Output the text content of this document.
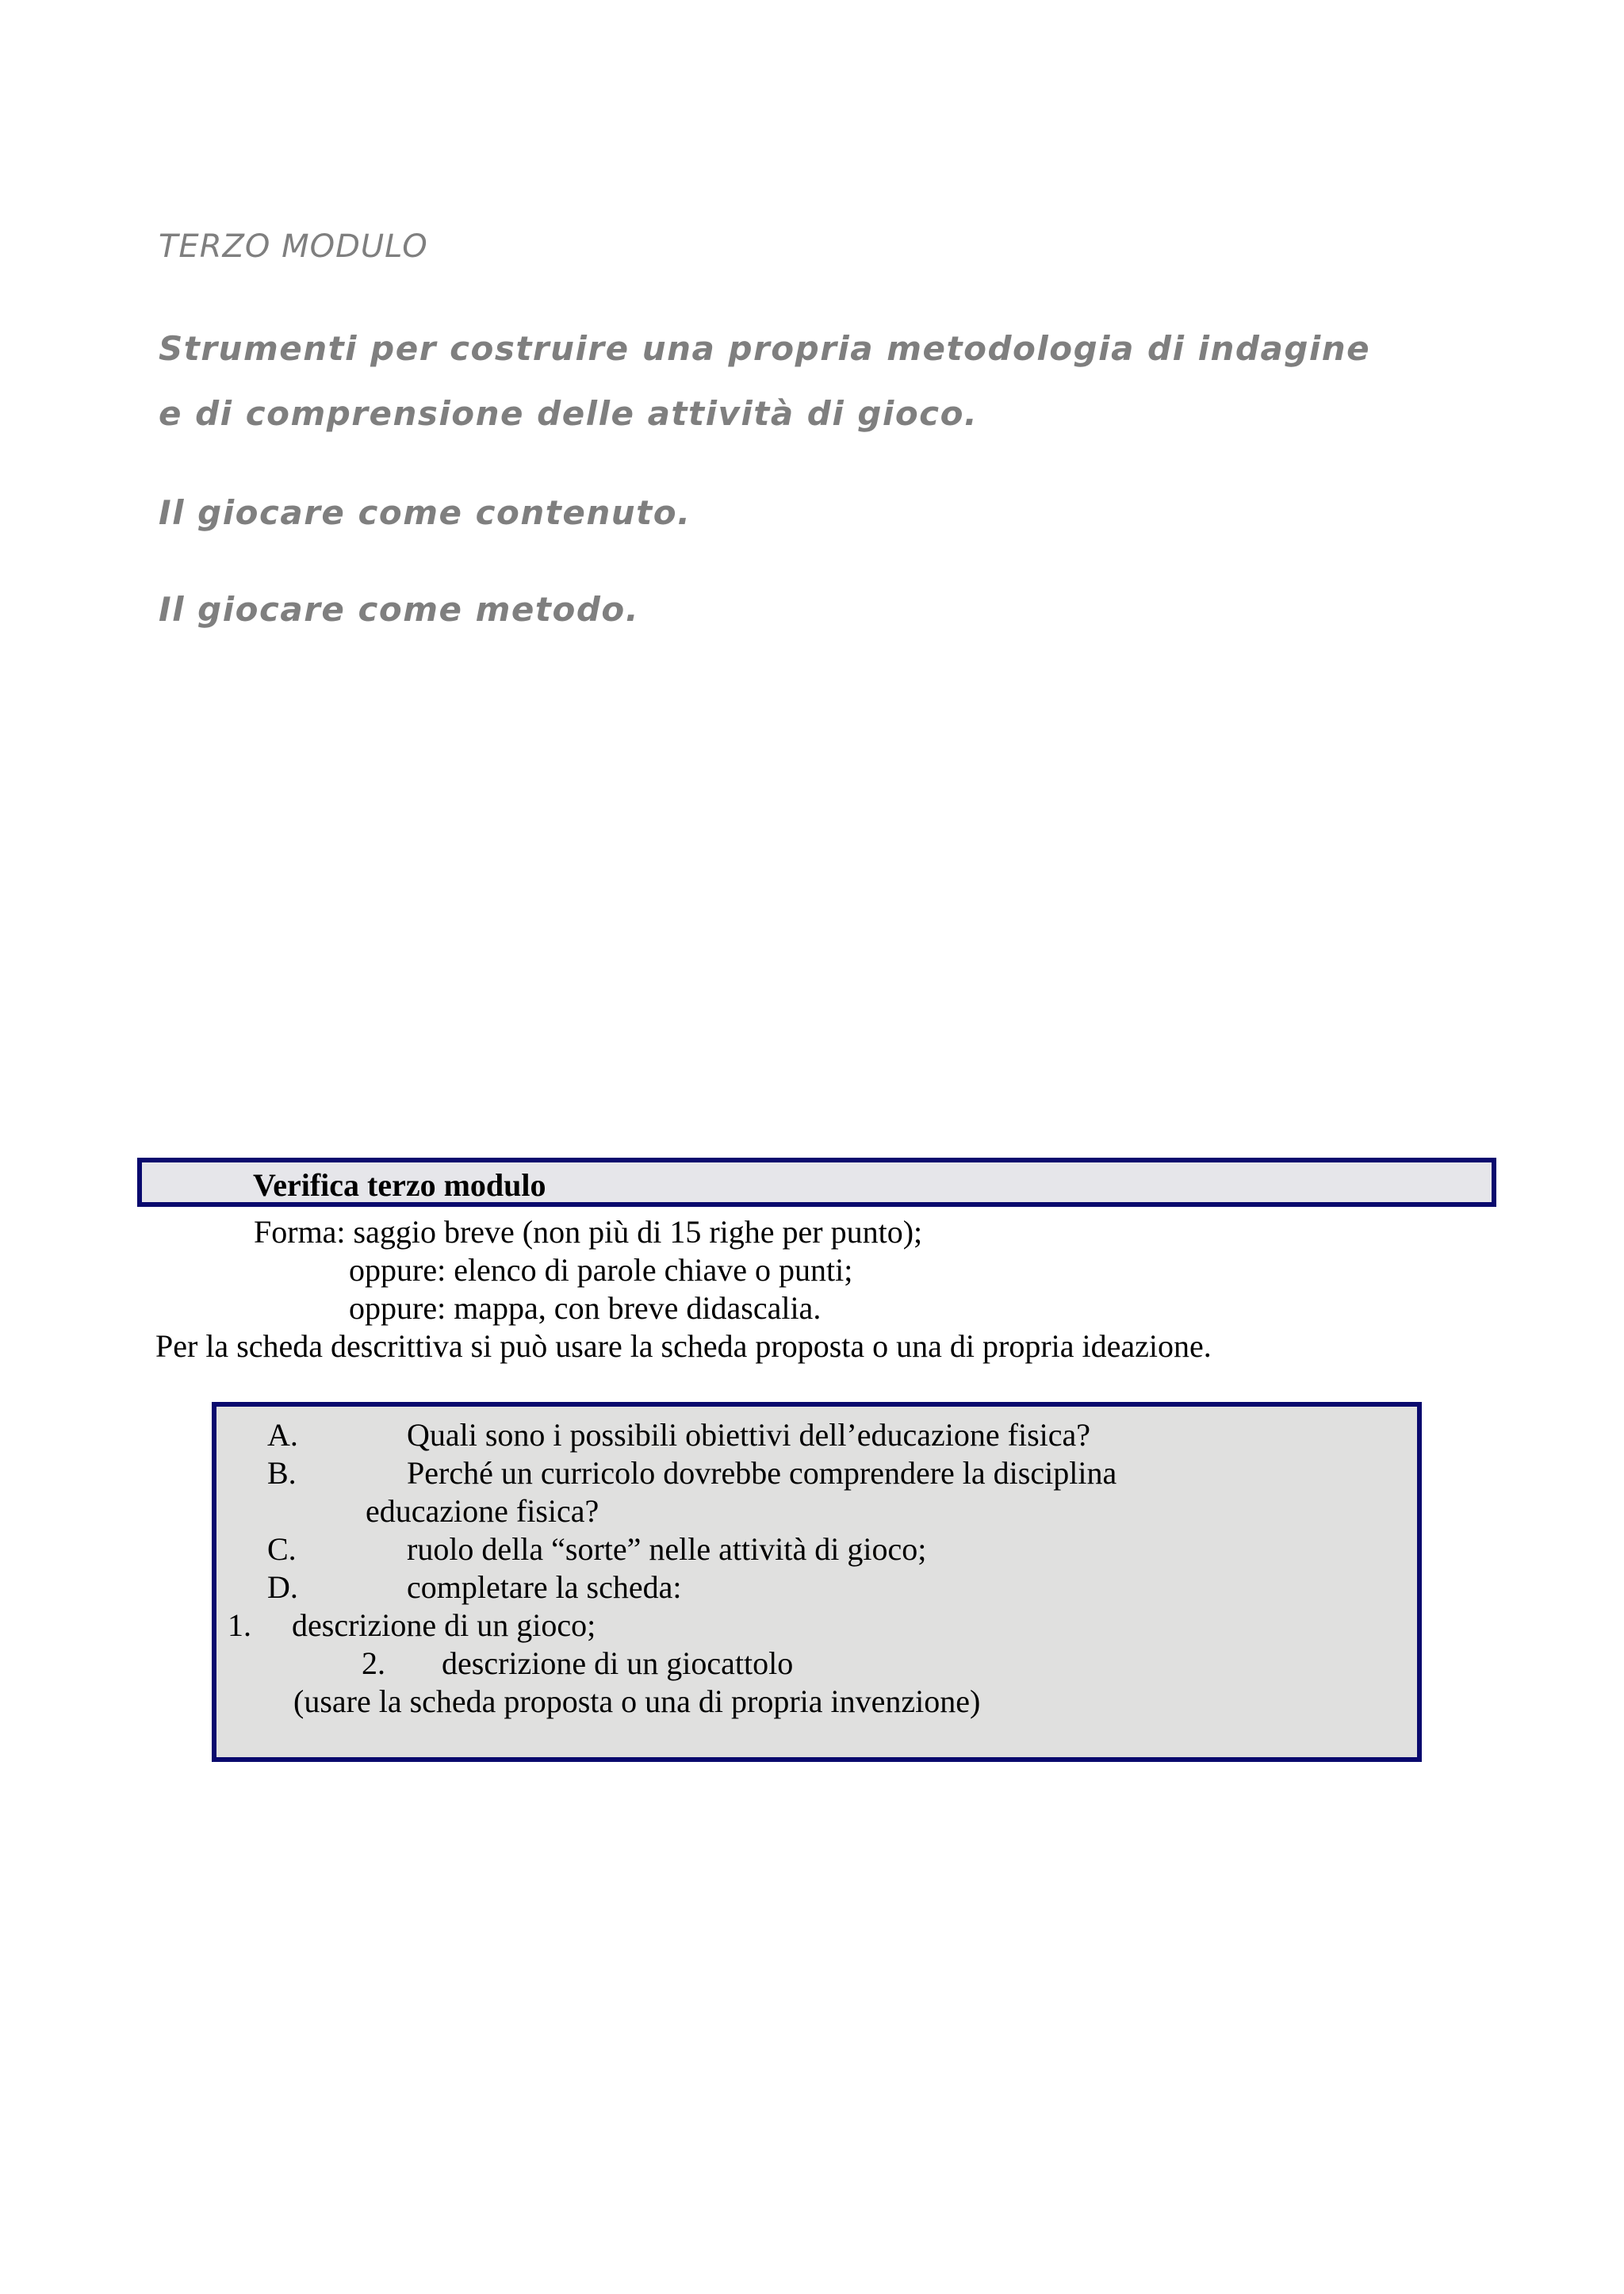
TERZO MODULO
Strumenti per costruire una propria metodologia di indagine
e di comprensione delle attività di gioco.
Il giocare come contenuto.
Il giocare come metodo.
Verifica terzo modulo
Forma: saggio breve (non più di 15 righe per punto);
oppure: elenco di parole chiave o punti;
oppure: mappa, con breve didascalia.
Per la scheda descrittiva si può usare la scheda proposta o una di propria ideazione.
A.	Quali sono i possibili obiettivi dell’educazione fisica?
B.	Perché un curricolo dovrebbe comprendere la disciplina
educazione fisica?
C.	ruolo della “sorte” nelle attività di gioco;
D.	completare la scheda:
1. descrizione di un gioco;
2. descrizione di un giocattolo
(usare la scheda proposta o una di propria invenzione)
